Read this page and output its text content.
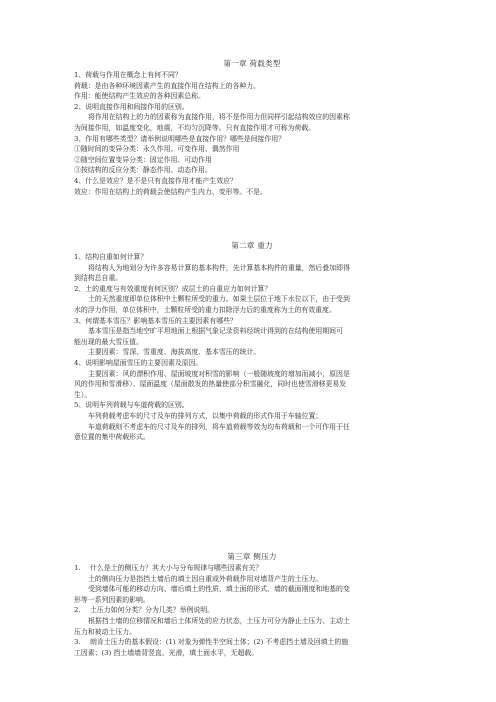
第一章 荷载类型
1、荷载与作用在概念上有何不同？
荷载：是由各种环境因素产生的直接作用在结构上的各种力。
作用：能使结构产生效应的各种因素总称。
2、说明直接作用和间接作用的区别。
将作用在结构上的力的因素称为直接作用，将不是作用力但同样引起结构效应的因素称
为间接作用，如温度变化，地震，不均匀沉降等。只有直接作用才可称为荷载。
3、作用有哪些类型？请举例说明哪些是直接作用？哪些是间接作用？
①随时间的变异分类：永久作用、可变作用、偶然作用
②随空间位置变异分类：固定作用、可动作用
③按结构的反应分类：静态作用、动态作用。
4、什么是效应？是不是只有直接作用才能产生效应？
效应：作用在结构上的荷载会使结构产生内力、变形等。不是。
第二章 重力
1、结构自重如何计算？
将结构人为地划分为许多容易计算的基本构件，先计算基本构件的重量，然后叠加即得
到结构总自重。
2、土的重度与有效重度有何区别？成层土的自重应力如何计算？
土的天然重度即单位体积中土颗粒所受的重力。如果土层位于地下水位以下，由于受到
水的浮力作用，单位体积中，土颗粒所受的重力扣除浮力后的重度称为土的有效重度。
3、何谓基本雪压？影响基本雪压的主要因素有哪些？
基本雪压是指当地空旷平坦地面上根据气象记录资料经统计得到的在结构使用期间可
能出现的最大雪压值。
主要因素：雪深、雪重度、海拔高度、基本雪压的统计。
4、说明影响屋面雪压的主要因素及原因。
主要因素：风的漂积作用、屋面坡度对积雪的影响（一般随坡度的增加而减小，原因是
风的作用和雪滑移）、屋面温度（屋面散发的热量使部分积雪融化，同时也使雪滑移更易发
生）。
5、说明车列荷载与车道荷载的区别。
车列荷载考虑车的尺寸及车的排列方式，以集中荷载的形式作用于车轴位置；
车道荷载则不考虑车的尺寸及车的排列，将车道荷载等效为均布荷载和一个可作用于任
意位置的集中荷载形式。
第三章 侧压力
1.	什么是土的侧压力？其大小与分布规律与哪些因素有关？
土的侧向压力是指挡土墙后的填土因自重或外荷载作用对墙背产生的土压力。
受到墙体可能的移动方向、墙后填土的性质、填土面的形式、墙的截面刚度和地基的变
形等一系列因素的影响。
2.	土压力如何分类？分为几类？举例说明。
根据挡土墙的位移情况和墙后土体所处的应力状态，土压力可分为静止土压力、主动土
压力和被动土压力。
3.	朗肯土压力的基本假设：(1) 对象为弹性半空间土体；(2) 不考虑挡土墙及回填土的施
工因素；(3) 挡土墙墙背竖直、光滑，填土面水平，无超载。
